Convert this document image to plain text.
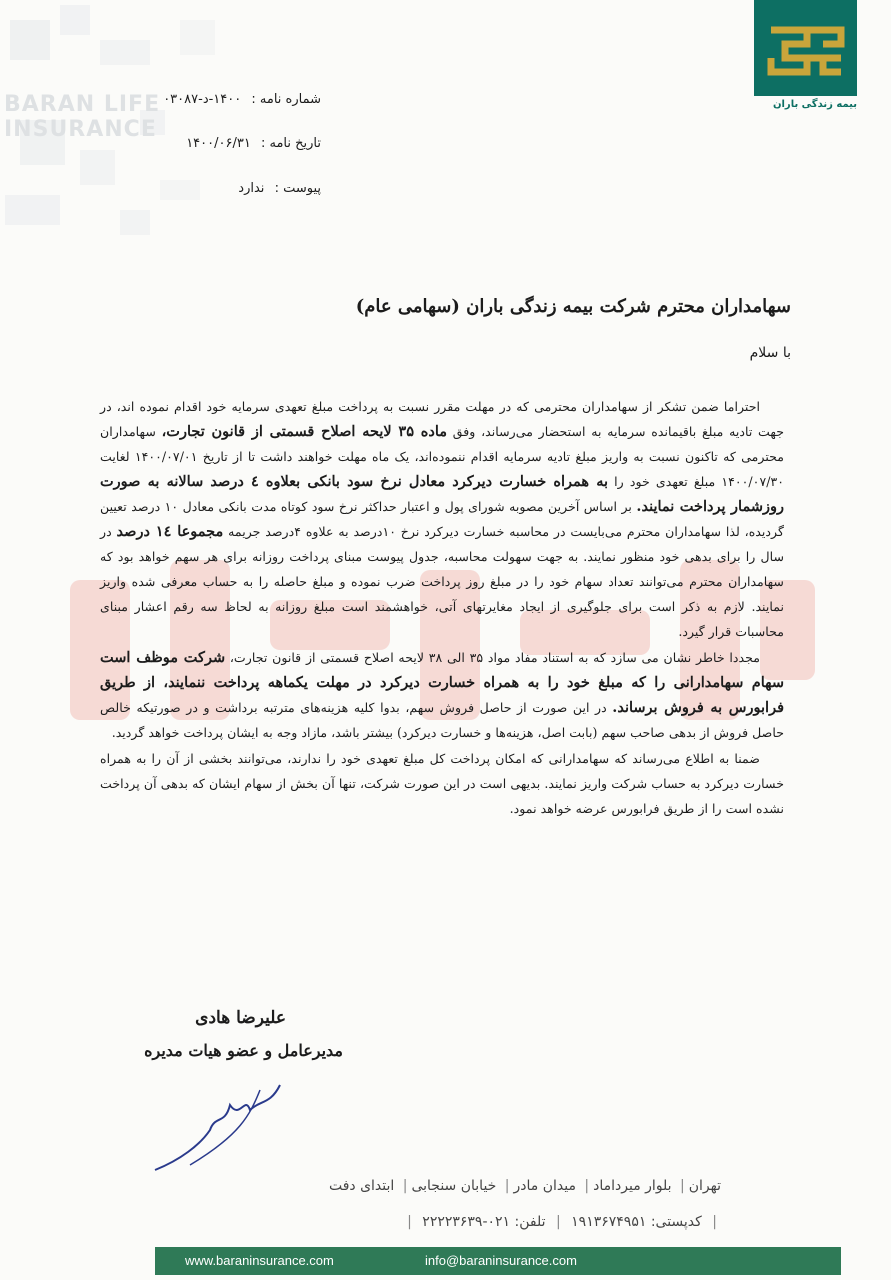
BARAN LIFE INSURANCE
بیمه زندگی باران
شماره نامه : ۱۴۰۰-د-۰۳۰۸۷
تاریخ نامه : ۱۴۰۰/۰۶/۳۱
پیوست : ندارد
سهامداران محترم شرکت بیمه زندگی باران (سهامی عام)
با سلام

احتراما ضمن تشکر از سهامداران محترمی که در مهلت مقرر نسبت به پرداخت مبلغ تعهدی سرمایه خود اقدام نموده اند، در جهت تادیه مبلغ باقیمانده سرمایه به استحضار می‌رساند، وفق ماده ۳۵ لایحه اصلاح قسمتی از قانون تجارت، سهامداران محترمی که تاکنون نسبت به واریز مبلغ تادیه سرمایه اقدام ننموده‌اند، یک ماه مهلت خواهند داشت تا از تاریخ ۱۴۰۰/۰۷/۰۱ لغایت ۱۴۰۰/۰۷/۳۰ مبلغ تعهدی خود را به همراه خسارت دیرکرد معادل نرخ سود بانکی بعلاوه ٤ درصد سالانه به صورت روزشمار پرداخت نمایند. بر اساس آخرین مصوبه شورای پول و اعتبار حداکثر نرخ سود کوتاه مدت بانکی معادل ۱۰ درصد تعیین گردیده، لذا سهامداران محترم می‌بایست در محاسبه خسارت دیرکرد نرخ ۱۰درصد به علاوه ۴درصد جریمه مجموعا ١٤ درصد در سال را برای بدهی خود منظور نمایند. به جهت سهولت محاسبه، جدول پیوست مبنای پرداخت روزانه برای هر سهم خواهد بود که سهامداران محترم می‌توانند تعداد سهام خود را در مبلغ روز پرداخت ضرب نموده و مبلغ حاصله را به حساب معرفی شده واریز نمایند. لازم به ذکر است برای جلوگیری از ایجاد مغایرتهای آتی، خواهشمند است مبلغ روزانه به لحاظ سه رقم اعشار مبنای محاسبات قرار گیرد.

مجددا خاطر نشان می سازد که به استناد مفاد مواد ۳۵ الی ۳۸ لایحه اصلاح قسمتی از قانون تجارت، شرکت موظف است سهام سهامدارانی را که مبلغ خود را به همراه خسارت دیرکرد در مهلت یکماهه پرداخت ننمایند، از طریق فرابورس به فروش برساند. در این صورت از حاصل فروش سهم، بدوا کلیه هزینه‌های مترتبه برداشت و در صورتیکه خالص حاصل فروش از بدهی صاحب سهم (بابت اصل، هزینه‌ها و خسارت دیرکرد) بیشتر باشد، مازاد وجه به ایشان پرداخت خواهد گردید.

ضمنا به اطلاع می‌رساند که سهامدارانی که امکان پرداخت کل مبلغ تعهدی خود را ندارند، می‌توانند بخشی از آن را به همراه خسارت دیرکرد به حساب شرکت واریز نمایند. بدیهی است در این صورت شرکت، تنها آن بخش از سهام ایشان که بدهی آن پرداخت نشده است را از طریق فرابورس عرضه خواهد نمود.

علیرضا هادی
مدیرعامل و عضو هیات مدیره
تهران| بلوار میرداماد| میدان مادر| خیابان سنجابی| ابتدای دفت
| کدپستی: ۱۹۱۳۶۷۴۹۵۱ | تلفن: ۰۲۱-۲۲۲۲۳۶۳۹ |
www.baraninsurance.com	info@baraninsurance.com
